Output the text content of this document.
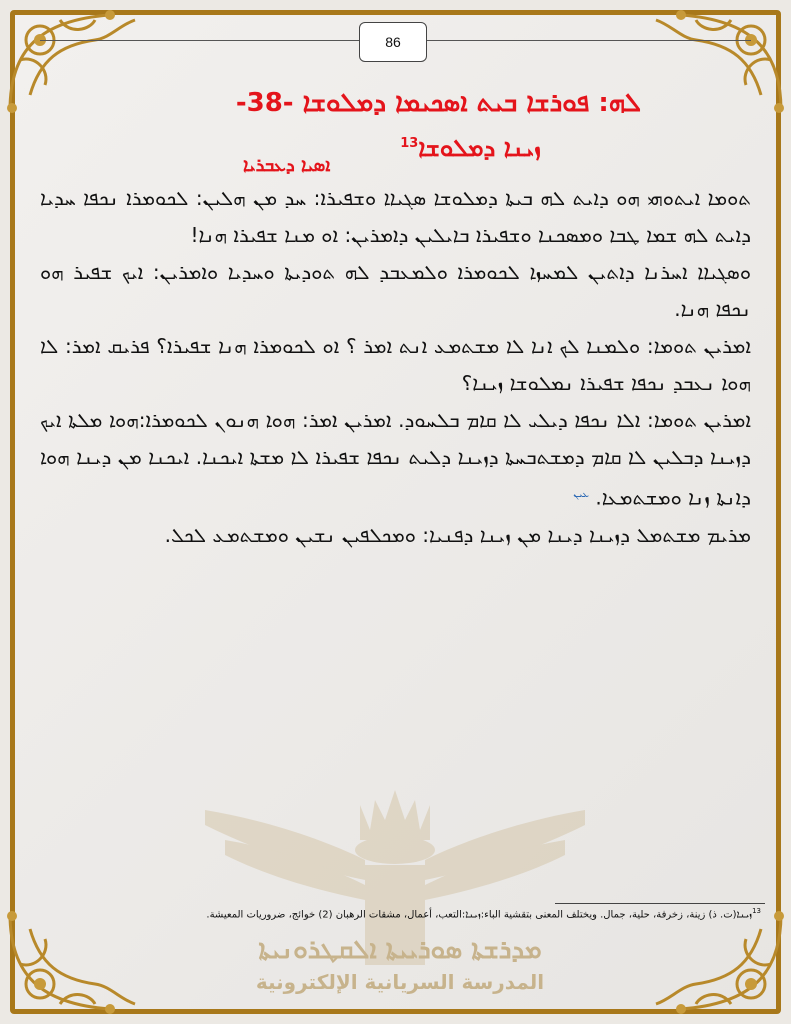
86
ܠܗ: ܦܘܪܫܐ ܒܝܬ ܐܣܟܝܡܐ ܕܡܠܘܫܐ -38-
ܙܝܢܐ ܕܡܠܘܫܐ$^{13}$
ܐܣܝܐ ܕܥܒܪܝܐ

ܬܘܡܐ ܐܝܬܘܗܝ ܗܘ ܕܐܝܬ ܠܗ ܒܝܬܐ ܕܡܠܘܫܐ ܣܓܝܐܐ ܘܫܦܝܪܐ: ܚܕ ܡܢ ܗܠܝܢ: ܠܟܘܡܪܐ ܢܟܦܐ ܚܕܝܐ ܕܐܝܬ ܠܗ ܫܡܐ ܛܒܐ ܘܡܣܟܢܐ ܘܫܦܝܪܐ ܒܐܝܠܝܢ ܕܐܡܪܝܢ: ܐܘ ܡܢܐ ܫܦܝܪܐ ܗܢܐ!

ܘܣܓܝܐܐ ܐܚܪܢܐ ܕܐܬܝܢ ܠܡܚܙܐ ܠܟܘܡܪܐ ܘܠܡܥܒܕ ܠܗ ܬܘܕܝܬܐ ܘܚܕܝܐ ܘܐܡܪܝܢ: ܐܝܟ ܫܦܝܪ ܗܘ ܢܟܦܐ ܗܢܐ.

ܐܡܪܝܢ ܬܘܡܐ: ܘܠܡܢܐ ܠܟ ܐܢܐ ܠܐ ܡܫܬܡܥ ܐܢܬ ܐܡܪ ؟ ܐܘ ܠܟܘܡܪܐ ܗܢܐ ܫܦܝܪܐ؟ ܦܪܝܩ ܐܡܪ: ܠܐ ܗܘܐ ܢܥܒܕ ܢܟܦܐ ܫܦܝܪܐ ܢܡܠܘܫܐ ܙܝܢܐ؟

ܐܡܪܝܢ ܬܘܡܐ: ܐܠܐ ܢܟܦܐ ܕܝܠܝ ܠܐ ܩܐܡ ܒܠܚܘܕ. ܐܡܪܝܢ ܐܡܪ: ܗܘܐ ܗܢܘܢ ܠܟܘܡܪܐ:ܗܘܐ ܡܠܬܐ ܐܝܟ ܕܙܝܢܐ ܕܒܠܝܢ ܠܐ ܩܐܡ ܕܡܫܬܒܚܬܐ ܕܙܝܢܐ ܕܠܝܬ ܢܟܦܐ ܫܦܝܪܐ ܠܐ ܡܫܬܐ ܐܝܟܢܐ. ܐܝܟܢܐ ܡܢ ܕܝܢܐ ܗܘܐ ܕܐܢܬܐ ܙܢܐ ܘܡܫܬܡܥܐ. $^{ܥܝܢ}$

ܡܪܝܡ ܡܫܬܡܠ ܕܙܝܢܐ ܕܝܢܐ ܡܢ ܙܝܢܐ ܕܦܢܝܐ: ܘܡܟܠܦܝܢ ܢܫܝܢ ܘܡܫܬܡܥ ܠܟܠ.

$^{13}$ܙܝܢܐ(ت. ذ) زينة، زخرفة، حلية، جمال. ويختلف المعنى بتقشية الباء:ܙܝܢܐ:التعب، أعمال، مشقات الرهبان (2) خوائج، ضروريات المعيشة.
ܡܕܪܫܬܐ ܣܘܪܝܝܬܐ ܐܠܩܛܪܘܢܝܬܐ
المدرسة السريانية الإلكترونية
